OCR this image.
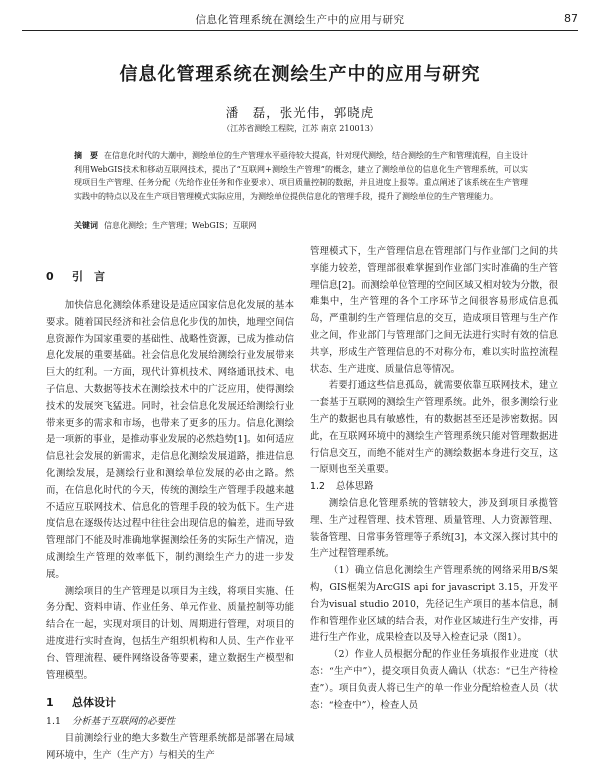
信息化管理系统在测绘生产中的应用与研究	87
信息化管理系统在测绘生产中的应用与研究
潘　磊，张光伟，郭晓虎
（江苏省测绘工程院，江苏 南京 210013）

摘　要 在信息化时代的大潮中，测绘单位的生产管理水平亟待较大提高，针对现代测绘，结合测绘的生产和管理流程，自主设计利用WebGIS技术和移动互联网技术，提出了“互联网+测绘生产管理”的概念，建立了测绘单位的信息化生产管理系统，可以实现项目生产管理、任务分配（先给作业任务和作业要求）、项目质量控制的数据，并且进度上报等。重点阐述了该系统在生产管理实践中的特点以及在生产项目管理模式实际应用，为测绘单位提供信息化的管理手段，提升了测绘单位的生产管理能力。

关键词 信息化测绘；生产管理；WebGIS；互联网

0 引　言

加快信息化测绘体系建设是适应国家信息化发展的基本要求。随着国民经济和社会信息化步伐的加快，地理空间信息资源作为国家重要的基础性、战略性资源，已成为推动信息化发展的重要基础。社会信息化发展给测绘行业发展带来巨大的红利。一方面，现代计算机技术、网络通讯技术、电子信息、大数据等技术在测绘技术中的广泛应用，使得测绘技术的发展突飞猛进。同时，社会信息化发展还给测绘行业带来更多的需求和市场，也带来了更多的压力。信息化测绘是一项新的事业，是推动事业发展的必然趋势[1]。如何适应信息社会发展的新需求，走信息化测绘发展道路，推进信息化测绘发展，是测绘行业和测绘单位发展的必由之路。然而，在信息化时代的今天，传统的测绘生产管理手段越来越不适应互联网技术、信息化的管理手段的较为低下。生产进度信息在逐级传达过程中往往会出现信息的偏差，进而导致管理部门不能及时准确地掌握测绘任务的实际生产情况，造成测绘生产管理的效率低下，制约测绘生产力的进一步发展。

测绘项目的生产管理是以项目为主线，将项目实施、任务分配、资料申请、作业任务、单元作业、质量控制等功能结合在一起，实现对项目的计划、周期进行管理，对项目的进度进行实时查询，包括生产组织机构和人员、生产作业平台、管理流程、硬件网络设备等要素，建立数据生产模型和管理模型。

1 总体设计
1.1 分析基于互联网的必要性

目前测绘行业的绝大多数生产管理系统都是部署在局域网环境中，生产（生产方）与相关的生产

管理模式下，生产管理信息在管理部门与作业部门之间的共享能力较差，管理部很难掌握到作业部门实时准确的生产管理信息[2]。而测绘单位管理的空间区域又相对较为分散，很难集中，生产管理的各个工序环节之间很容易形成信息孤岛，严重制约生产管理信息的交互，造成项目管理与生产作业之间，作业部门与管理部门之间无法进行实时有效的信息共享，形成生产管理信息的不对称分布，难以实时监控流程状态、生产进度、质量信息等情况。

若要打通这些信息孤岛，就需要依靠互联网技术，建立一套基于互联网的测绘生产管理系统。此外，很多测绘行业生产的数据也具有敏感性，有的数据甚至还是涉密数据。因此，在互联网环境中的测绘生产管理系统只能对管理数据进行信息交互，而绝不能对生产的测绘数据本身进行交互，这一原则也至关重要。

1.2 总体思路

测绘信息化管理系统的管辖较大，涉及到项目承揽管理、生产过程管理、技术管理、质量管理、人力资源管理、装备管理、日常事务管理等子系统[3]，本文深入探讨其中的生产过程管理系统。

（1）确立信息化测绘生产管理系统的网络采用B/S架构，GIS框架为ArcGIS api for javascript 3.15，开发平台为visual studio 2010，先径记生产项目的基本信息，制作和管理作业区域的结合表，对作业区域进行生产安排，再进行生产作业，成果检查以及导入检查记录（图1）。

（2）作业人员根据分配的作业任务填报作业进度（状态：“生产中”），提交项目负责人确认（状态：“已生产待检查”）。项目负责人将已生产的单一作业分配给检查人员（状态：“检查中”），检查人员
